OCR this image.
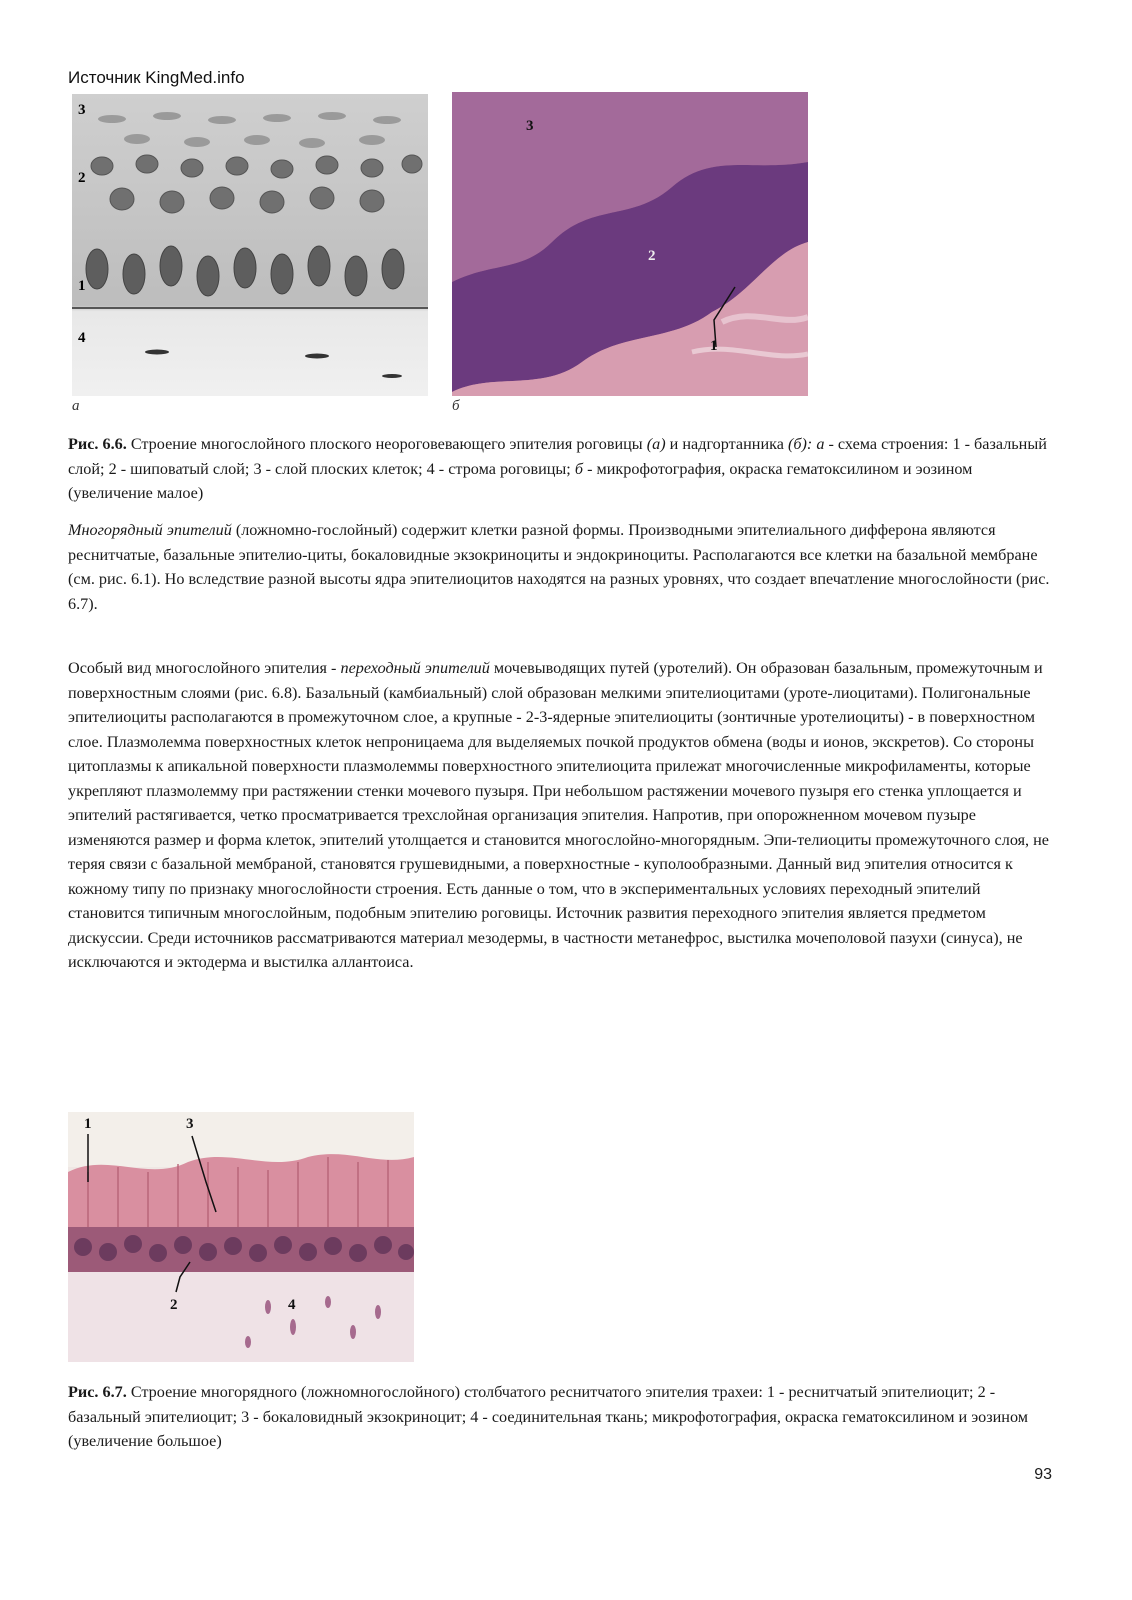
Источник KingMed.info
3
2
1
4
а
3
2
1
б
Рис. 6.6. Строение многослойного плоского неороговевающего эпителия роговицы (а) и надгортанника (б): а - схема строения: 1 - базальный слой; 2 - шиповатый слой; 3 - слой плоских клеток; 4 - строма роговицы; б - микрофотография, окраска гематоксилином и эозином (увеличение малое)
Многорядный эпителий (ложномно-гослойный) содержит клетки разной формы. Производными эпителиального дифферона являются реснитчатые, базальные эпителио-циты, бокаловидные экзокриноциты и эндокриноциты. Располагаются все клетки на базальной мембране (см. рис. 6.1). Но вследствие разной высоты ядра эпителиоцитов находятся на разных уровнях, что создает впечатление многослойности (рис. 6.7).
Особый вид многослойного эпителия - переходный эпителий мочевыводящих путей (уротелий). Он образован базальным, промежуточным и поверхностным слоями (рис. 6.8). Базальный (камбиальный) слой образован мелкими эпителиоцитами (уроте-лиоцитами). Полигональные эпителиоциты располагаются в промежуточном слое, а крупные - 2-3-ядерные эпителиоциты (зонтичные уротелиоциты) - в поверхностном слое. Плазмолемма поверхностных клеток непроницаема для выделяемых почкой продуктов обмена (воды и ионов, экскретов). Со стороны цитоплазмы к апикальной поверхности плазмолеммы поверхностного эпителиоцита прилежат многочисленные микрофиламенты, которые укрепляют плазмолемму при растяжении стенки мочевого пузыря. При небольшом растяжении мочевого пузыря его стенка уплощается и эпителий растягивается, четко просматривается трехслойная организация эпителия. Напротив, при опорожненном мочевом пузыре изменяются размер и форма клеток, эпителий утолщается и становится многослойно-многорядным. Эпи-телиоциты промежуточного слоя, не теряя связи с базальной мембраной, становятся грушевидными, а поверхностные - куполообразными. Данный вид эпителия относится к кожному типу по признаку многослойности строения. Есть данные о том, что в экспериментальных условиях переходный эпителий становится типичным многослойным, подобным эпителию роговицы. Источник развития переходного эпителия является предметом дискуссии. Среди источников рассматриваются материал мезодермы, в частности метанефрос, выстилка мочеполовой пазухи (синуса), не исключаются и эктодерма и выстилка аллантоиса.
1	3
2	4
Рис. 6.7. Строение многорядного (ложномногослойного) столбчатого реснитчатого эпителия трахеи: 1 - реснитчатый эпителиоцит; 2 - базальный эпителиоцит; 3 - бокаловидный экзокриноцит; 4 - соединительная ткань; микрофотография, окраска гематоксилином и эозином (увеличение большое)
93
